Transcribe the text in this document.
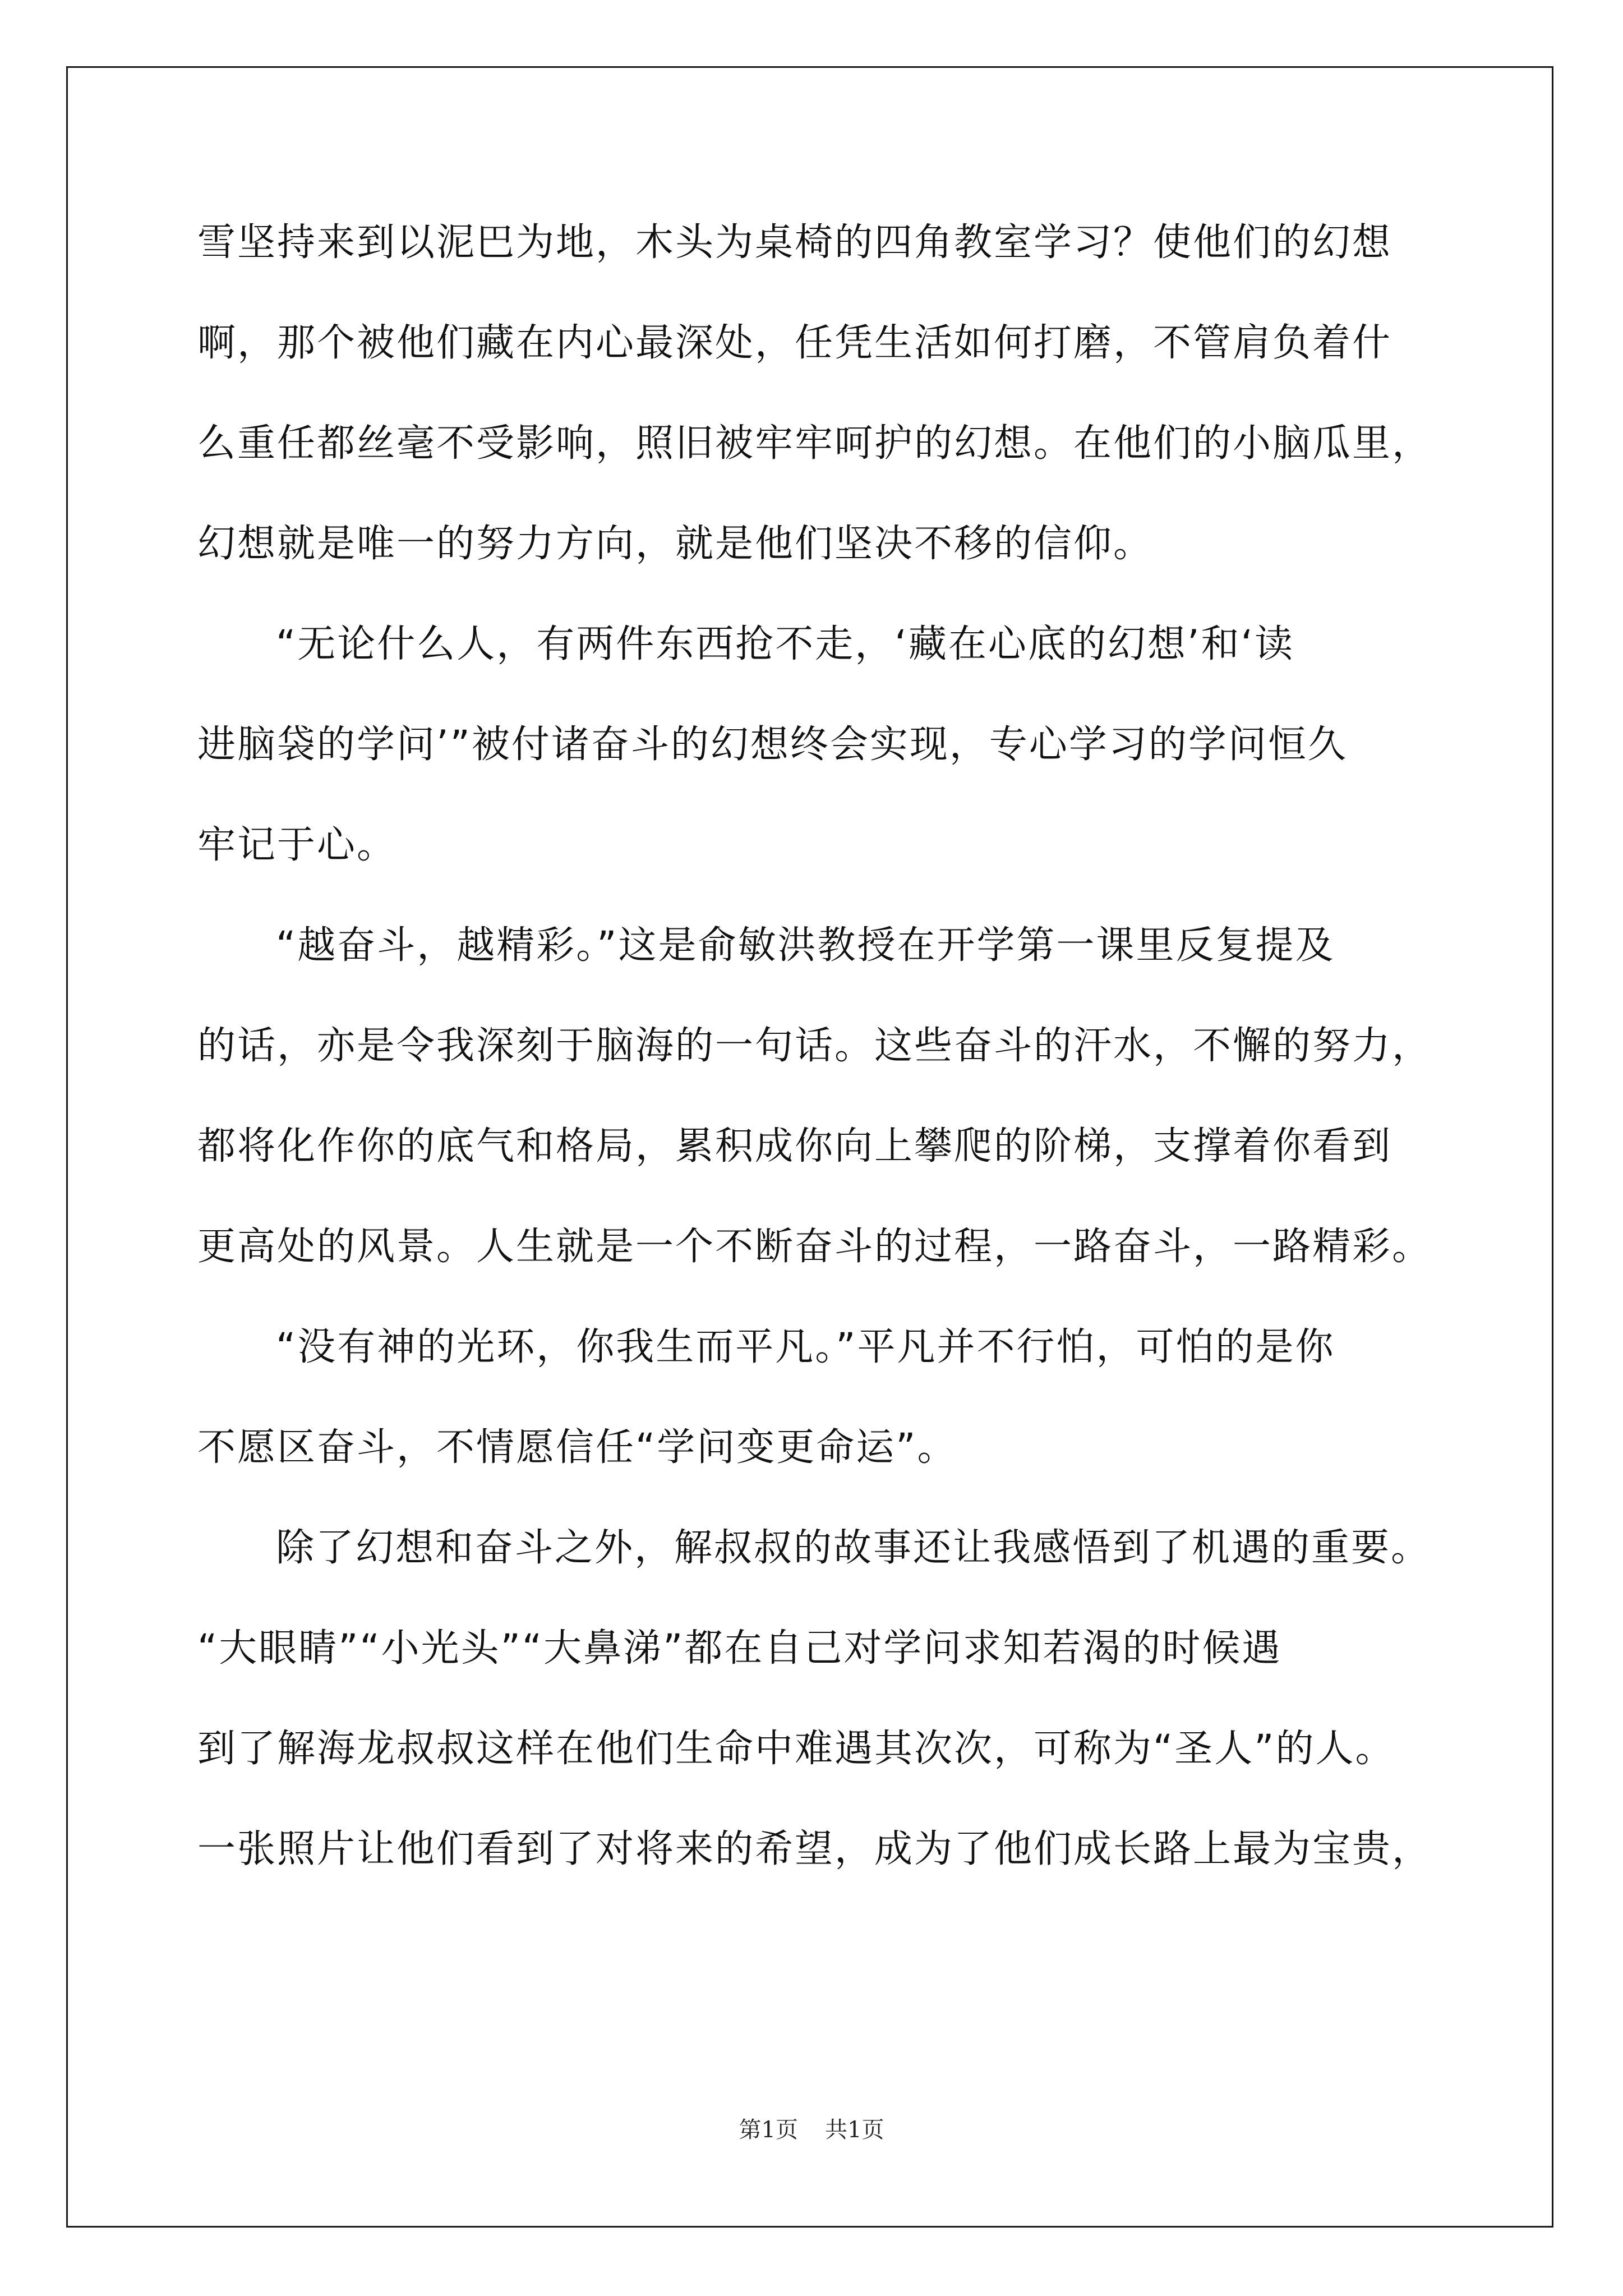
雪坚持来到以泥巴为地，木头为桌椅的四角教室学习？使他们的幻想
啊，那个被他们藏在内心最深处，任凭生活如何打磨，不管肩负着什
么重任都丝毫不受影响，照旧被牢牢呵护的幻想。在他们的小脑瓜里，
幻想就是唯一的努力方向，就是他们坚决不移的信仰。
“无论什么人，有两件东西抢不走，‘藏在心底的幻想’和‘读
进脑袋的学问’”被付诸奋斗的幻想终会实现，专心学习的学问恒久
牢记于心。
“越奋斗，越精彩。”这是俞敏洪教授在开学第一课里反复提及
的话，亦是令我深刻于脑海的一句话。这些奋斗的汗水，不懈的努力，
都将化作你的底气和格局，累积成你向上攀爬的阶梯，支撑着你看到
更高处的风景。人生就是一个不断奋斗的过程，一路奋斗，一路精彩。
“没有神的光环，你我生而平凡。”平凡并不行怕，可怕的是你
不愿区奋斗，不情愿信任“学问变更命运”。
除了幻想和奋斗之外，解叔叔的故事还让我感悟到了机遇的重要。
“大眼睛”“小光头”“大鼻涕”都在自己对学问求知若渴的时候遇
到了解海龙叔叔这样在他们生命中难遇其次次，可称为“圣人”的人。
一张照片让他们看到了对将来的希望，成为了他们成长路上最为宝贵，
第1页 共1页
